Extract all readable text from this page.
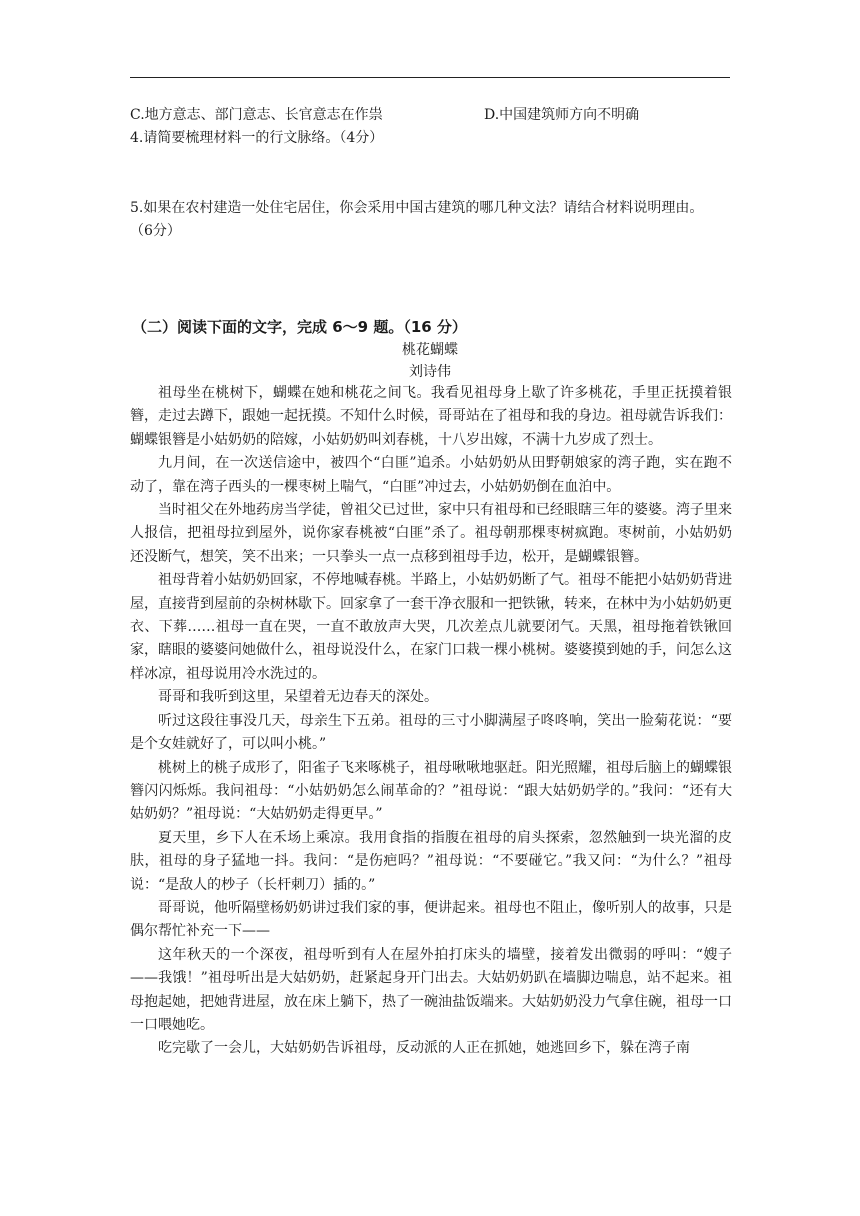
C.地方意志、部门意志、长官意志在作祟	D.中国建筑师方向不明确
4.请简要梳理材料一的行文脉络。（4分）
5.如果在农村建造一处住宅居住，你会采用中国古建筑的哪几种文法？请结合材料说明理由。
（6分）
（二）阅读下面的文字，完成 6～9 题。（16 分）
桃花蝴蝶
刘诗伟

祖母坐在桃树下，蝴蝶在她和桃花之间飞。我看见祖母身上歇了许多桃花，手里正抚摸着银簪，走过去蹲下，跟她一起抚摸。不知什么时候，哥哥站在了祖母和我的身边。祖母就告诉我们：蝴蝶银簪是小姑奶奶的陪嫁，小姑奶奶叫刘春桃，十八岁出嫁，不满十九岁成了烈士。

九月间，在一次送信途中，被四个“白匪”追杀。小姑奶奶从田野朝娘家的湾子跑，实在跑不动了，靠在湾子西头的一棵枣树上喘气，“白匪”冲过去，小姑奶奶倒在血泊中。

当时祖父在外地药房当学徒，曾祖父已过世，家中只有祖母和已经眼瞎三年的婆婆。湾子里来人报信，把祖母拉到屋外，说你家春桃被“白匪”杀了。祖母朝那棵枣树疯跑。枣树前，小姑奶奶还没断气，想笑，笑不出来；一只拳头一点一点移到祖母手边，松开，是蝴蝶银簪。

祖母背着小姑奶奶回家，不停地喊春桃。半路上，小姑奶奶断了气。祖母不能把小姑奶奶背进屋，直接背到屋前的杂树林歇下。回家拿了一套干净衣服和一把铁锹，转来，在林中为小姑奶奶更衣、下葬……祖母一直在哭，一直不敢放声大哭，几次差点儿就要闭气。天黑，祖母拖着铁锹回家，瞎眼的婆婆问她做什么，祖母说没什么，在家门口栽一棵小桃树。婆婆摸到她的手，问怎么这样冰凉，祖母说用冷水洗过的。

哥哥和我听到这里，呆望着无边春天的深处。

听过这段往事没几天，母亲生下五弟。祖母的三寸小脚满屋子咚咚响，笑出一脸菊花说：“要是个女娃就好了，可以叫小桃。”

桃树上的桃子成形了，阳雀子飞来啄桃子，祖母啾啾地驱赶。阳光照耀，祖母后脑上的蝴蝶银簪闪闪烁烁。我问祖母：“小姑奶奶怎么闹革命的？”祖母说：“跟大姑奶奶学的。”我问：“还有大姑奶奶？”祖母说：“大姑奶奶走得更早。”

夏天里，乡下人在禾场上乘凉。我用食指的指腹在祖母的肩头探索，忽然触到一块光溜的皮肤，祖母的身子猛地一抖。我问：“是伤疤吗？”祖母说：“不要碰它。”我又问：“为什么？”祖母说：“是敌人的杪子（长杆刺刀）插的。”

哥哥说，他听隔壁杨奶奶讲过我们家的事，便讲起来。祖母也不阻止，像听别人的故事，只是偶尔帮忙补充一下——

这年秋天的一个深夜，祖母听到有人在屋外拍打床头的墙壁，接着发出微弱的呼叫：“嫂子——我饿！”祖母听出是大姑奶奶，赶紧起身开门出去。大姑奶奶趴在墙脚边喘息，站不起来。祖母抱起她，把她背进屋，放在床上躺下，热了一碗油盐饭端来。大姑奶奶没力气拿住碗，祖母一口一口喂她吃。

吃完歇了一会儿，大姑奶奶告诉祖母，反动派的人正在抓她，她逃回乡下，躲在湾子南
